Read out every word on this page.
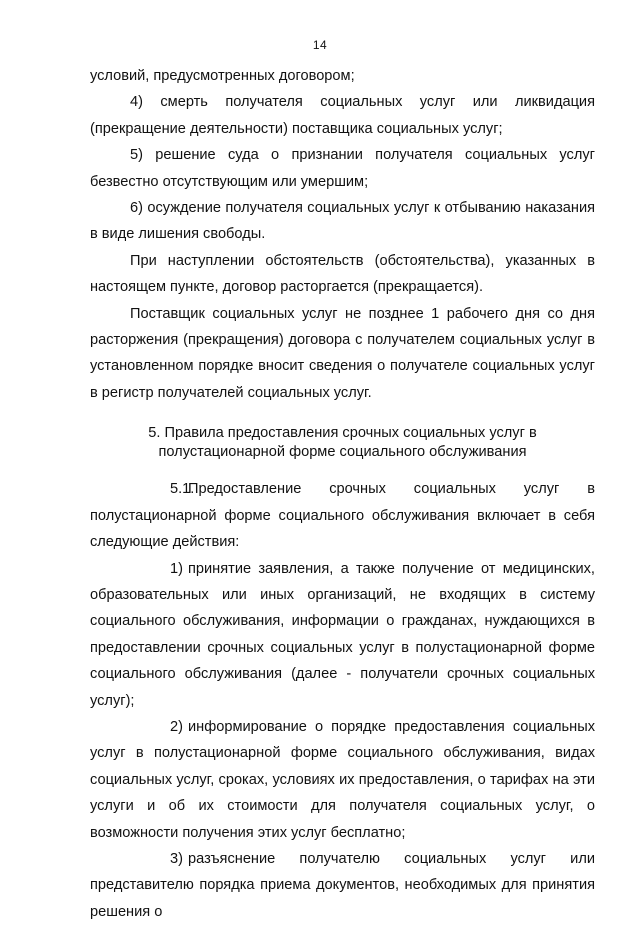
14

условий, предусмотренных договором;

4) смерть получателя социальных услуг или ликвидация (прекращение деятельности) поставщика социальных услуг;

5) решение суда о признании получателя социальных услуг безвестно отсутствующим или умершим;

6) осуждение получателя социальных услуг к отбыванию наказания в виде лишения свободы.

При наступлении обстоятельств (обстоятельства), указанных в настоящем пункте, договор расторгается (прекращается).

Поставщик социальных услуг не позднее 1 рабочего дня со дня расторжения (прекращения) договора с получателем социальных услуг в установленном порядке вносит сведения о получателе социальных услуг в регистр получателей социальных услуг.

5. Правила предоставления срочных социальных услуг в
полустационарной форме социального обслуживания

5.1.Предоставление срочных социальных услуг в полустационарной форме социального обслуживания включает в себя следующие действия:

1) принятие заявления, а также получение от медицинских, образовательных или иных организаций, не входящих в систему социального обслуживания, информации о гражданах, нуждающихся в предоставлении срочных социальных услуг в полустационарной форме социального обслуживания (далее - получатели срочных социальных услуг);

2) информирование о порядке предоставления социальных услуг в полустационарной форме социального обслуживания, видах социальных услуг, сроках, условиях их предоставления, о тарифах на эти услуги и об их стоимости для получателя социальных услуг, о возможности получения этих услуг бесплатно;

3) разъяснение получателю социальных услуг или представителю порядка приема документов, необходимых для принятия решения о
